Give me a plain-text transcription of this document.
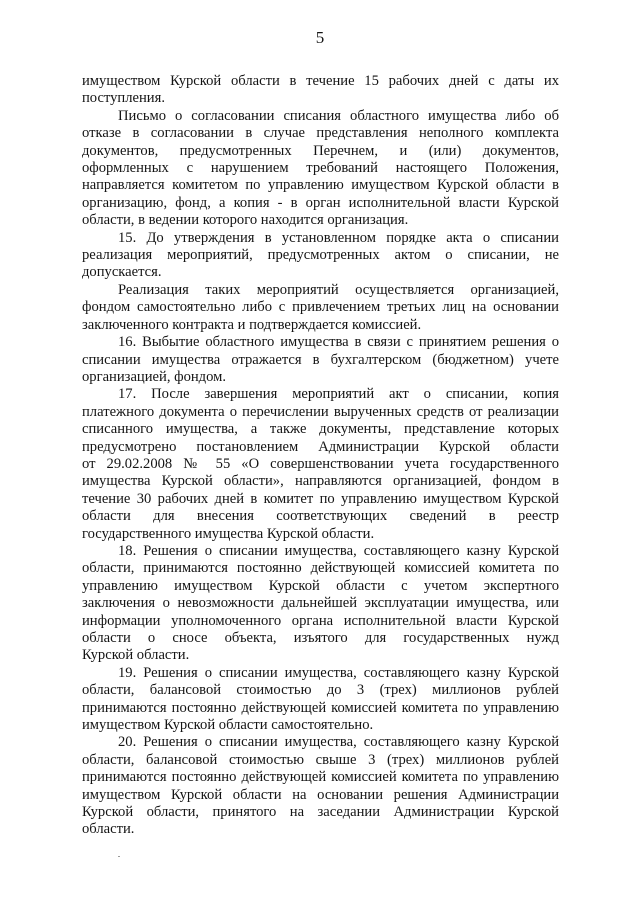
5
имуществом Курской области в течение 15 рабочих дней с даты их
поступления.
Письмо о согласовании списания областного имущества либо об
отказе в согласовании в случае представления неполного комплекта
документов, предусмотренных Перечнем, и (или) документов,
оформленных с нарушением требований настоящего Положения,
направляется комитетом по управлению имуществом Курской области в
организацию, фонд, а копия - в орган исполнительной власти Курской
области, в ведении которого находится организация.
15. До утверждения в установленном порядке акта о списании
реализация мероприятий, предусмотренных актом о списании, не
допускается.
Реализация таких мероприятий осуществляется организацией,
фондом самостоятельно либо с привлечением третьих лиц на основании
заключенного контракта и подтверждается комиссией.
16. Выбытие областного имущества в связи с принятием решения о
списании имущества отражается в бухгалтерском (бюджетном) учете
организацией, фондом.
17. После завершения мероприятий акт о списании, копия
платежного документа о перечислении вырученных средств от реализации
списанного имущества, а также документы, представление которых
предусмотрено постановлением Администрации Курской области
от 29.02.2008 № 55 «О совершенствовании учета государственного
имущества Курской области», направляются организацией, фондом в
течение 30 рабочих дней в комитет по управлению имуществом Курской
области для внесения соответствующих сведений в реестр
государственного имущества Курской области.
18. Решения о списании имущества, составляющего казну Курской
области, принимаются постоянно действующей комиссией комитета по
управлению имуществом Курской области с учетом экспертного
заключения о невозможности дальнейшей эксплуатации имущества, или
информации уполномоченного органа исполнительной власти Курской
области о сносе объекта, изъятого для государственных нужд
Курской области.
19. Решения о списании имущества, составляющего казну Курской
области, балансовой стоимостью до 3 (трех) миллионов рублей
принимаются постоянно действующей комиссией комитета по управлению
имуществом Курской области самостоятельно.
20. Решения о списании имущества, составляющего казну Курской
области, балансовой стоимостью свыше 3 (трех) миллионов рублей
принимаются постоянно действующей комиссией комитета по управлению
имуществом Курской области на основании решения Администрации
Курской области, принятого на заседании Администрации Курской
области.
